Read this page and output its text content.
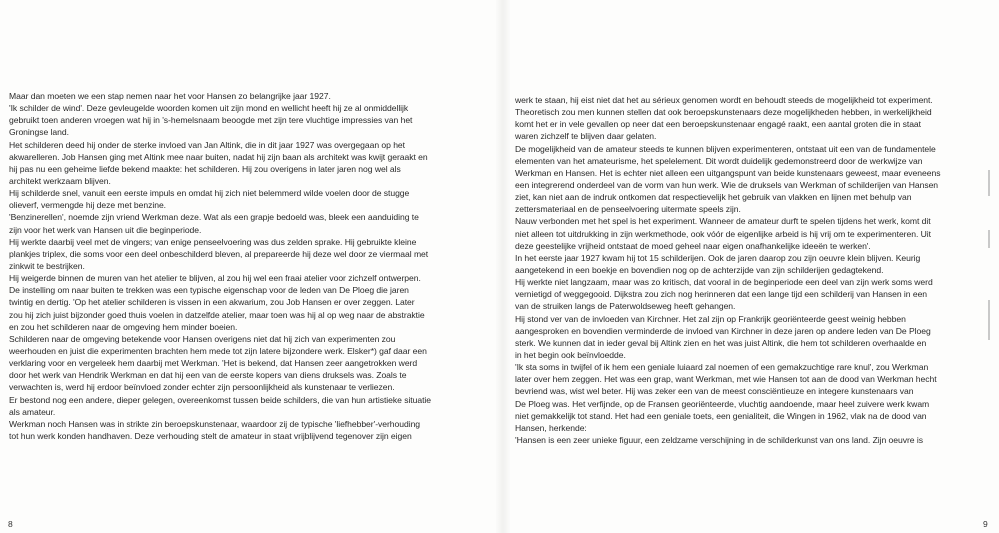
Maar dan moeten we een stap nemen naar het voor Hansen zo belangrijke jaar 1927.
'Ik schilder de wind'. Deze gevleugelde woorden komen uit zijn mond en wellicht heeft hij ze al onmiddellijk
gebruikt toen anderen vroegen wat hij in 's-hemelsnaam beoogde met zijn tere vluchtige impressies van het
Groningse land.
Het schilderen deed hij onder de sterke invloed van Jan Altink, die in dit jaar 1927 was overgegaan op het
akwarelleren. Job Hansen ging met Altink mee naar buiten, nadat hij zijn baan als architekt was kwijt geraakt en
hij pas nu een geheime liefde bekend maakte: het schilderen. Hij zou overigens in later jaren nog wel als
architekt werkzaam blijven.
Hij schilderde snel, vanuit een eerste impuls en omdat hij zich niet belemmerd wilde voelen door de stugge
olieverf, vermengde hij deze met benzine.
'Benzinerellen', noemde zijn vriend Werkman deze. Wat als een grapje bedoeld was, bleek een aanduiding te
zijn voor het werk van Hansen uit die beginperiode.
Hij werkte daarbij veel met de vingers; van enige penseelvoering was dus zelden sprake. Hij gebruikte kleine
plankjes triplex, die soms voor een deel onbeschilderd bleven, al prepareerde hij deze wel door ze viermaal met
zinkwit te bestrijken.
Hij weigerde binnen de muren van het atelier te blijven, al zou hij wel een fraai atelier voor zichzelf ontwerpen.
De instelling om naar buiten te trekken was een typische eigenschap voor de leden van De Ploeg die jaren
twintig en dertig. 'Op het atelier schilderen is vissen in een akwarium, zou Job Hansen er over zeggen. Later
zou hij zich juist bijzonder goed thuis voelen in datzelfde atelier, maar toen was hij al op weg naar de abstraktie
en zou het schilderen naar de omgeving hem minder boeien.
Schilderen naar de omgeving betekende voor Hansen overigens niet dat hij zich van experimenten zou
weerhouden en juist die experimenten brachten hem mede tot zijn latere bijzondere werk. Elsker*) gaf daar een
verklaring voor en vergeleek hem daarbij met Werkman. 'Het is bekend, dat Hansen zeer aangetrokken werd
door het werk van Hendrik Werkman en dat hij een van de eerste kopers van diens druksels was. Zoals te
verwachten is, werd hij erdoor beïnvloed zonder echter zijn persoonlijkheid als kunstenaar te verliezen.
Er bestond nog een andere, dieper gelegen, overeenkomst tussen beide schilders, die van hun artistieke situatie
als amateur.
Werkman noch Hansen was in strikte zin beroepskunstenaar, waardoor zij de typische 'liefhebber'-verhouding
tot hun werk konden handhaven. Deze verhouding stelt de amateur in staat vrijblijvend tegenover zijn eigen
8
werk te staan, hij eist niet dat het au sérieux genomen wordt en behoudt steeds de mogelijkheid tot experiment.
Theoretisch zou men kunnen stellen dat ook beroepskunstenaars deze mogelijkheden hebben, in werkelijkheid
komt het er in vele gevallen op neer dat een beroepskunstenaar engagé raakt, een aantal groten die in staat
waren zichzelf te blijven daar gelaten.
De mogelijkheid van de amateur steeds te kunnen blijven experimenteren, ontstaat uit een van de fundamentele
elementen van het amateurisme, het spelelement. Dit wordt duidelijk gedemonstreerd door de werkwijze van
Werkman en Hansen. Het is echter niet alleen een uitgangspunt van beide kunstenaars geweest, maar eveneens
een integrerend onderdeel van de vorm van hun werk. Wie de druksels van Werkman of schilderijen van Hansen
ziet, kan niet aan de indruk ontkomen dat respectievelijk het gebruik van vlakken en lijnen met behulp van
zettersmateriaal en de penseelvoering uitermate speels zijn.
Nauw verbonden met het spel is het experiment. Wanneer de amateur durft te spelen tijdens het werk, komt dit
niet alleen tot uitdrukking in zijn werkmethode, ook vóór de eigenlijke arbeid is hij vrij om te experimenteren. Uit
deze geestelijke vrijheid ontstaat de moed geheel naar eigen onafhankelijke ideeën te werken'.
In het eerste jaar 1927 kwam hij tot 15 schilderijen. Ook de jaren daarop zou zijn oeuvre klein blijven. Keurig
aangetekend in een boekje en bovendien nog op de achterzijde van zijn schilderijen gedagtekend.
Hij werkte niet langzaam, maar was zo kritisch, dat vooral in de beginperiode een deel van zijn werk soms werd
vernietigd of weggegooid. Dijkstra zou zich nog herinneren dat een lange tijd een schilderij van Hansen in een
van de struiken langs de Paterwoldseweg heeft gehangen.
Hij stond ver van de invloeden van Kirchner. Het zal zijn op Frankrijk georiënteerde geest weinig hebben
aangesproken en bovendien verminderde de invloed van Kirchner in deze jaren op andere leden van De Ploeg
sterk. We kunnen dat in ieder geval bij Altink zien en het was juist Altink, die hem tot schilderen overhaalde en
in het begin ook beïnvloedde.
'Ik sta soms in twijfel of ik hem een geniale luiaard zal noemen of een gemakzuchtige rare knul', zou Werkman
later over hem zeggen. Het was een grap, want Werkman, met wie Hansen tot aan de dood van Werkman hecht
bevriend was, wist wel beter. Hij was zeker een van de meest consciëntieuze en integere kunstenaars van
De Ploeg was. Het verfijnde, op de Fransen georiënteerde, vluchtig aandoende, maar heel zuivere werk kwam
niet gemakkelijk tot stand. Het had een geniale toets, een genialiteit, die Wingen in 1962, vlak na de dood van
Hansen, herkende:
'Hansen is een zeer unieke figuur, een zeldzame verschijning in de schilderkunst van ons land. Zijn oeuvre is
9
